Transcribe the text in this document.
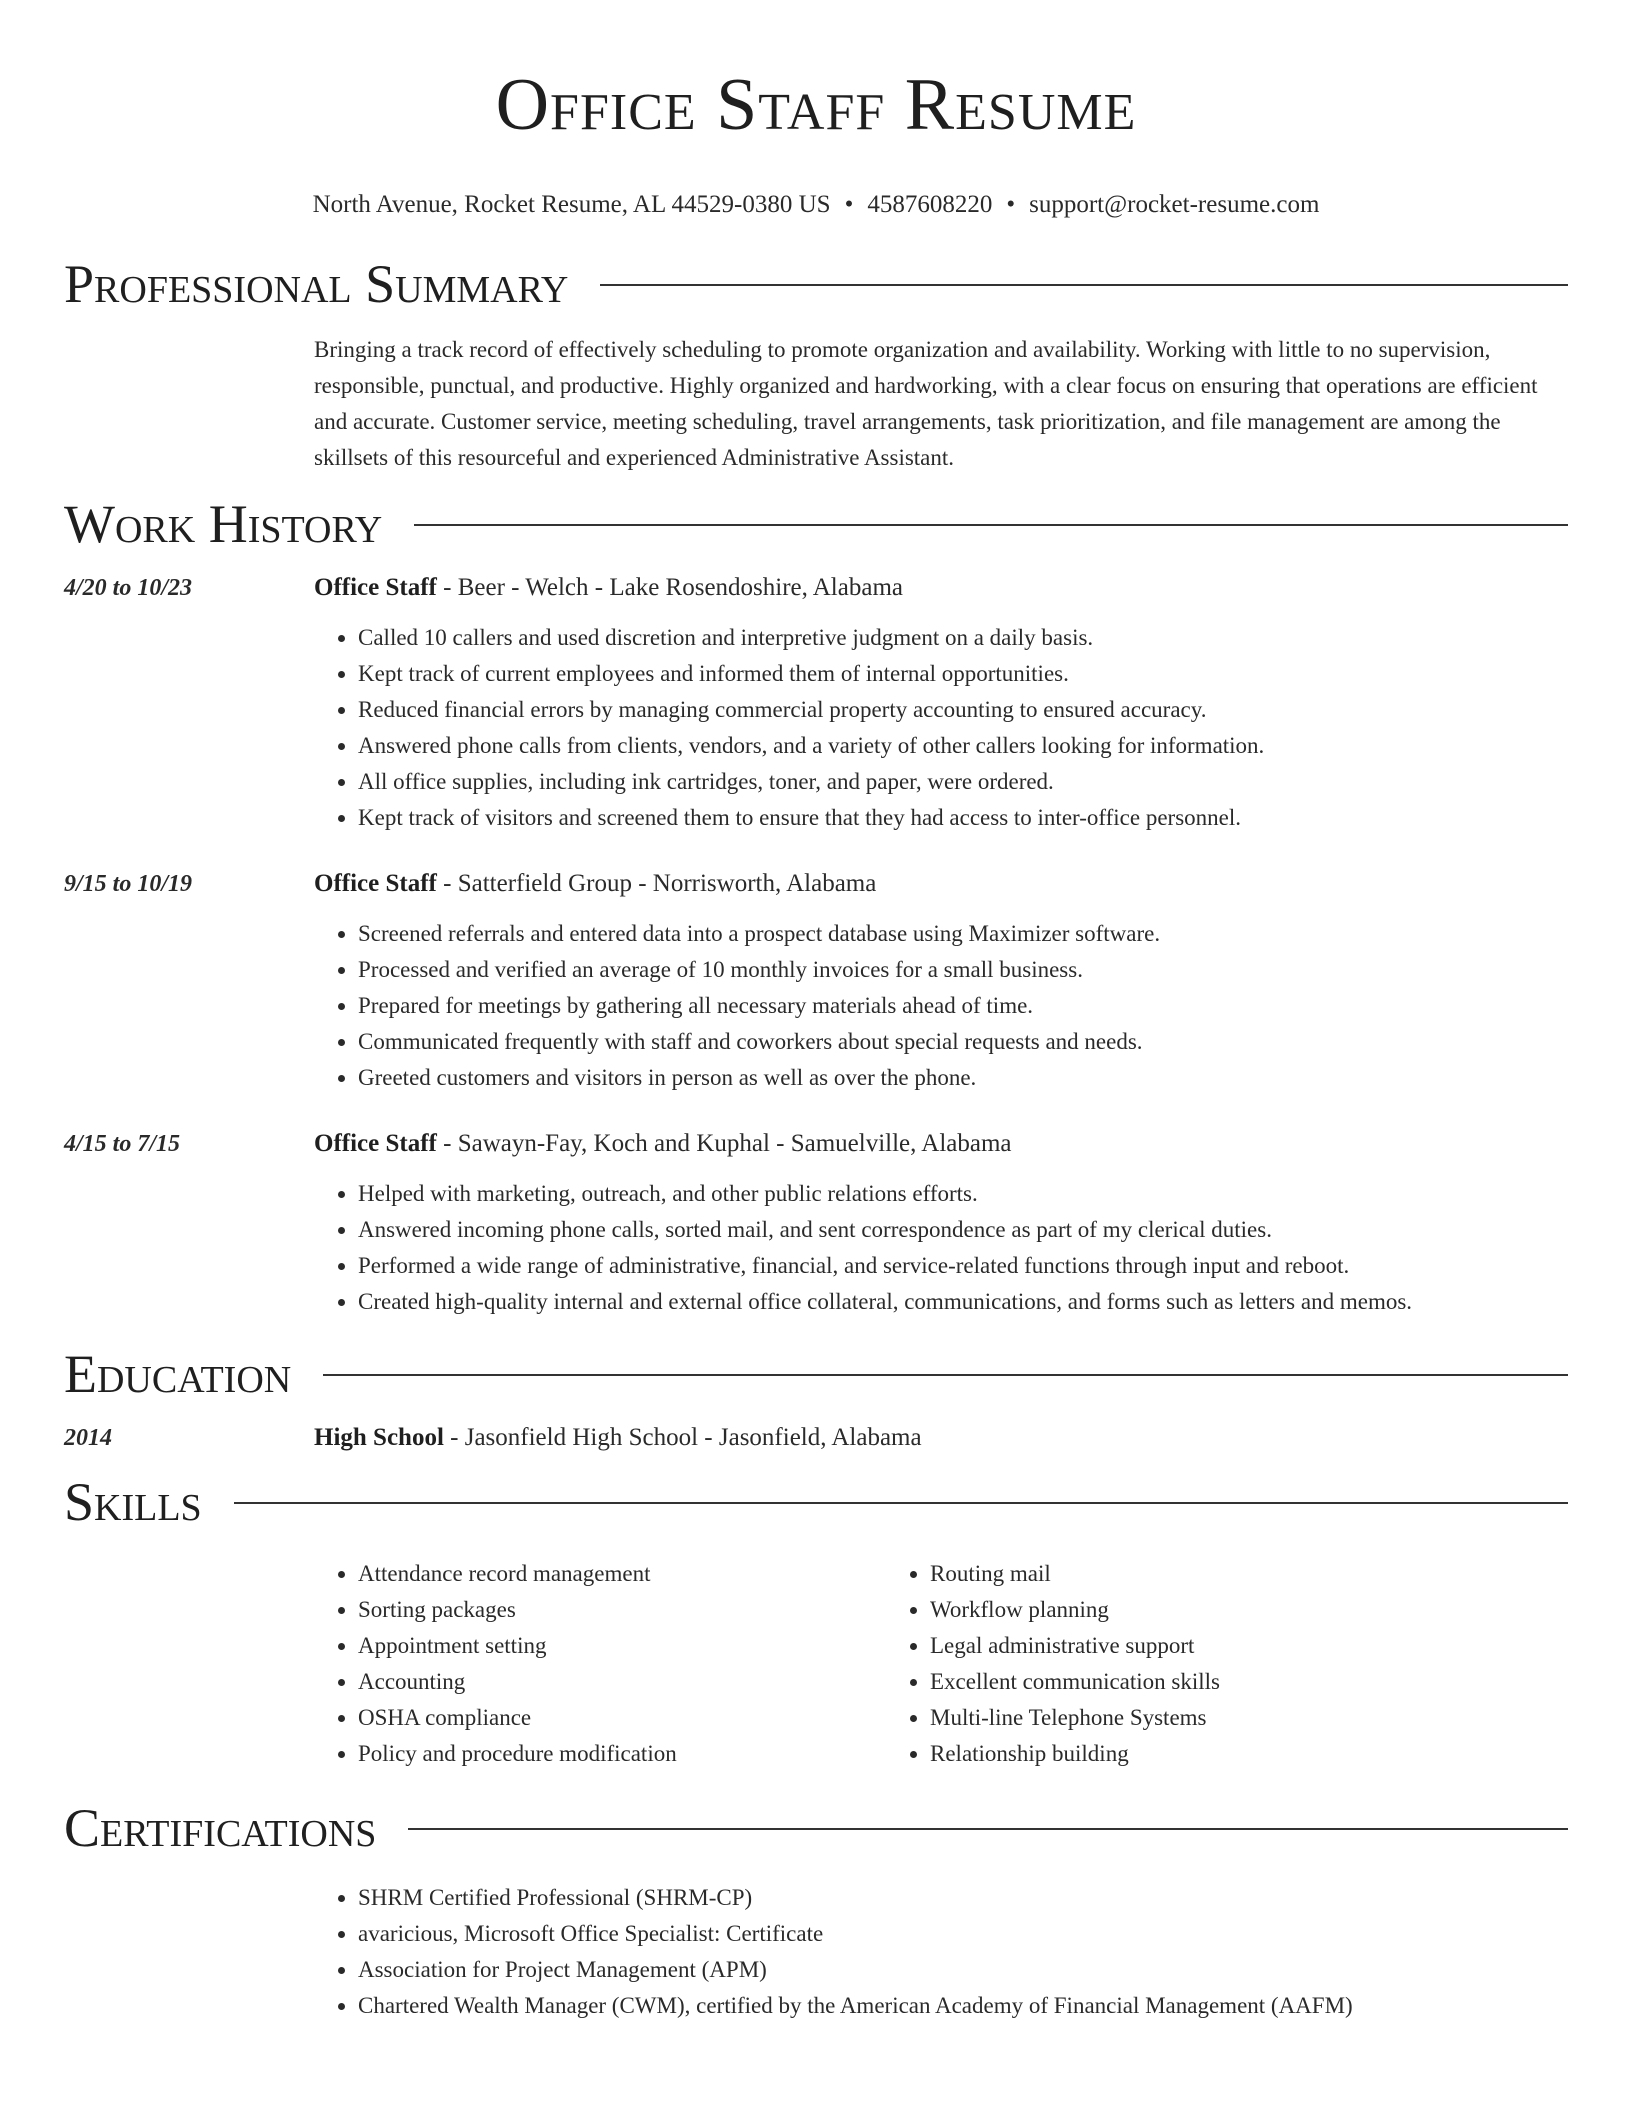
Office Staff Resume
North Avenue, Rocket Resume, AL 44529-0380 US • 4587608220 • support@rocket-resume.com
Professional Summary
Bringing a track record of effectively scheduling to promote organization and availability. Working with little to no supervision, responsible, punctual, and productive. Highly organized and hardworking, with a clear focus on ensuring that operations are efficient and accurate. Customer service, meeting scheduling, travel arrangements, task prioritization, and file management are among the skillsets of this resourceful and experienced Administrative Assistant.
Work History
4/20 to 10/23	Office Staff - Beer - Welch - Lake Rosendoshire, Alabama
• Called 10 callers and used discretion and interpretive judgment on a daily basis.
• Kept track of current employees and informed them of internal opportunities.
• Reduced financial errors by managing commercial property accounting to ensured accuracy.
• Answered phone calls from clients, vendors, and a variety of other callers looking for information.
• All office supplies, including ink cartridges, toner, and paper, were ordered.
• Kept track of visitors and screened them to ensure that they had access to inter-office personnel.
9/15 to 10/19	Office Staff - Satterfield Group - Norrisworth, Alabama
• Screened referrals and entered data into a prospect database using Maximizer software.
• Processed and verified an average of 10 monthly invoices for a small business.
• Prepared for meetings by gathering all necessary materials ahead of time.
• Communicated frequently with staff and coworkers about special requests and needs.
• Greeted customers and visitors in person as well as over the phone.
4/15 to 7/15	Office Staff - Sawayn-Fay, Koch and Kuphal - Samuelville, Alabama
• Helped with marketing, outreach, and other public relations efforts.
• Answered incoming phone calls, sorted mail, and sent correspondence as part of my clerical duties.
• Performed a wide range of administrative, financial, and service-related functions through input and reboot.
• Created high-quality internal and external office collateral, communications, and forms such as letters and memos.
Education
2014	High School - Jasonfield High School - Jasonfield, Alabama
Skills
• Attendance record management
• Sorting packages
• Appointment setting
• Accounting
• OSHA compliance
• Policy and procedure modification
• Routing mail
• Workflow planning
• Legal administrative support
• Excellent communication skills
• Multi-line Telephone Systems
• Relationship building
Certifications
• SHRM Certified Professional (SHRM-CP)
• avaricious, Microsoft Office Specialist: Certificate
• Association for Project Management (APM)
• Chartered Wealth Manager (CWM), certified by the American Academy of Financial Management (AAFM)
